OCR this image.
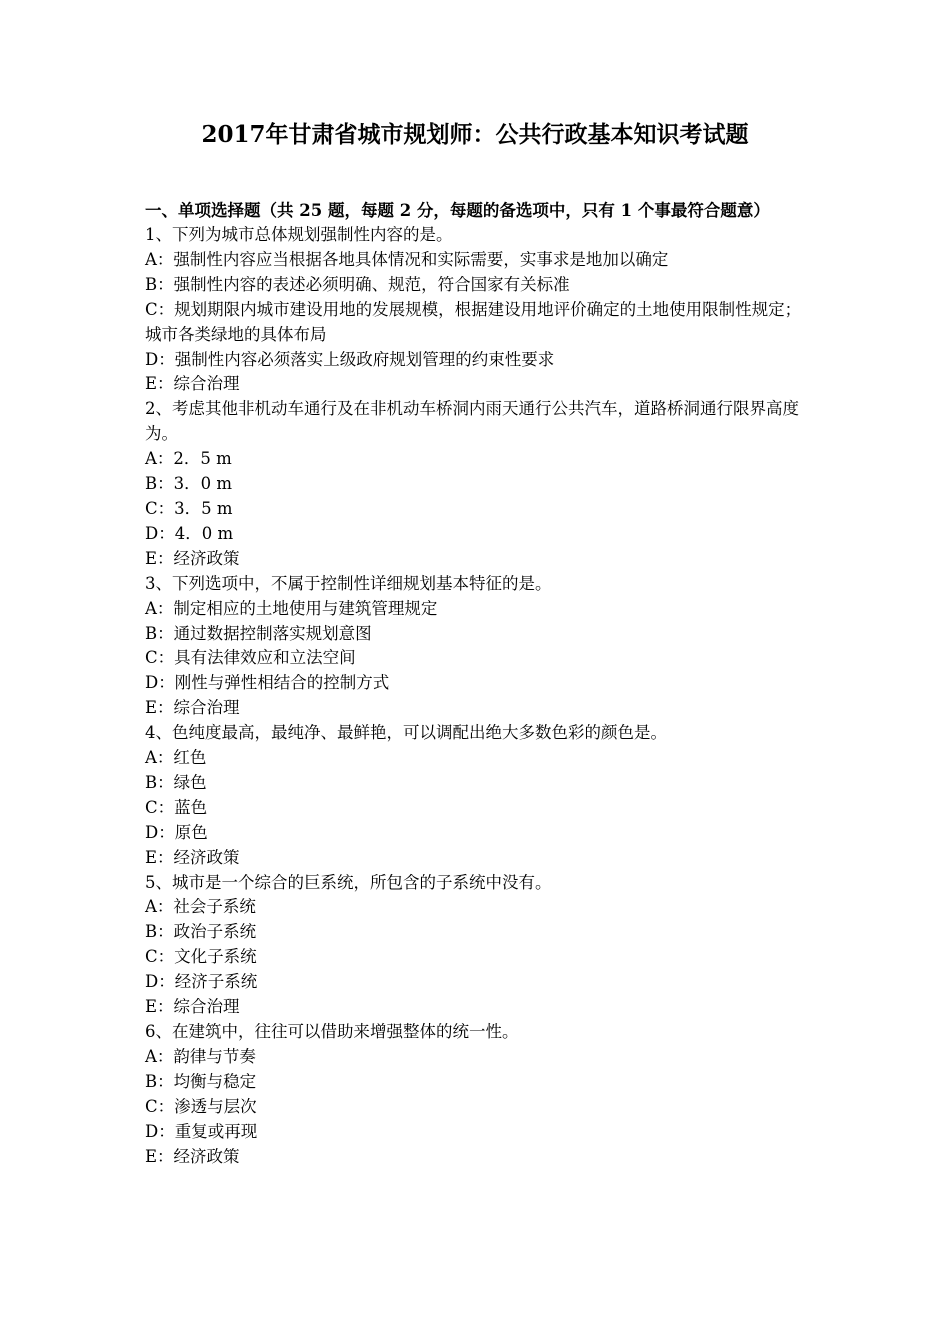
2017年甘肃省城市规划师：公共行政基本知识考试题

一、单项选择题（共 25 题，每题 2 分，每题的备选项中，只有 1 个事最符合题意）

1、下列为城市总体规划强制性内容的是。

A：强制性内容应当根据各地具体情况和实际需要，实事求是地加以确定

B：强制性内容的表述必须明确、规范，符合国家有关标准

C：规划期限内城市建设用地的发展规模，根据建设用地评价确定的土地使用限制性规定；城市各类绿地的具体布局

D：强制性内容必须落实上级政府规划管理的约束性要求

E：综合治理

2、考虑其他非机动车通行及在非机动车桥洞内雨天通行公共汽车，道路桥洞通行限界高度为。

A：2．5 m

B：3．0 m

C：3．5 m

D：4．0 m

E：经济政策

3、下列选项中，不属于控制性详细规划基本特征的是。

A：制定相应的土地使用与建筑管理规定

B：通过数据控制落实规划意图

C：具有法律效应和立法空间

D：刚性与弹性相结合的控制方式

E：综合治理

4、色纯度最高，最纯净、最鲜艳，可以调配出绝大多数色彩的颜色是。

A：红色

B：绿色

C：蓝色

D：原色

E：经济政策

5、城市是一个综合的巨系统，所包含的子系统中没有。

A：社会子系统

B：政治子系统

C：文化子系统

D：经济子系统

E：综合治理

6、在建筑中，往往可以借助来增强整体的统一性。

A：韵律与节奏

B：均衡与稳定

C：渗透与层次

D：重复或再现

E：经济政策
